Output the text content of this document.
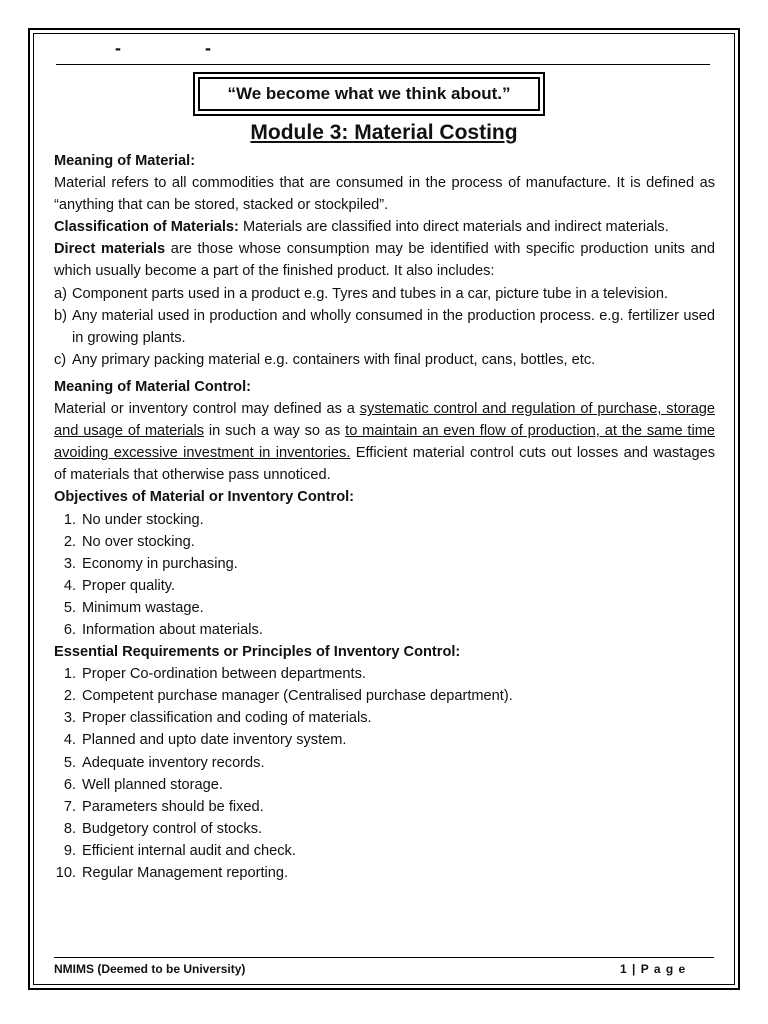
-	-
“We become what we think about.”
Module 3: Material Costing

Meaning of Material:

Material refers to all commodities that are consumed in the process of manufacture. It is defined as “anything that can be stored, stacked or stockpiled”.

Classification of Materials: Materials are classified into direct materials and indirect materials.

Direct materials are those whose consumption may be identified with specific production units and which usually become a part of the finished product. It also includes:

a) Component parts used in a product e.g. Tyres and tubes in a car, picture tube in a television.
b) Any material used in production and wholly consumed in the production process. e.g. fertilizer used in growing plants.
c) Any primary packing material e.g. containers with final product, cans, bottles, etc.

Meaning of Material Control:

Material or inventory control may defined as a systematic control and regulation of purchase, storage and usage of materials in such a way so as to maintain an even flow of production, at the same time avoiding excessive investment in inventories. Efficient material control cuts out losses and wastages of materials that otherwise pass unnoticed.

Objectives of Material or Inventory Control:

1. No under stocking.
2. No over stocking.
3. Economy in purchasing.
4. Proper quality.
5. Minimum wastage.
6. Information about materials.

Essential Requirements or Principles of Inventory Control:

1. Proper Co-ordination between departments.
2. Competent purchase manager (Centralised purchase department).
3. Proper classification and coding of materials.
4. Planned and upto date inventory system.
5. Adequate inventory records.
6. Well planned storage.
7. Parameters should be fixed.
8. Budgetory control of stocks.
9. Efficient internal audit and check.
10. Regular Management reporting.
NMIMS (Deemed to be University)	1 | P a g e
